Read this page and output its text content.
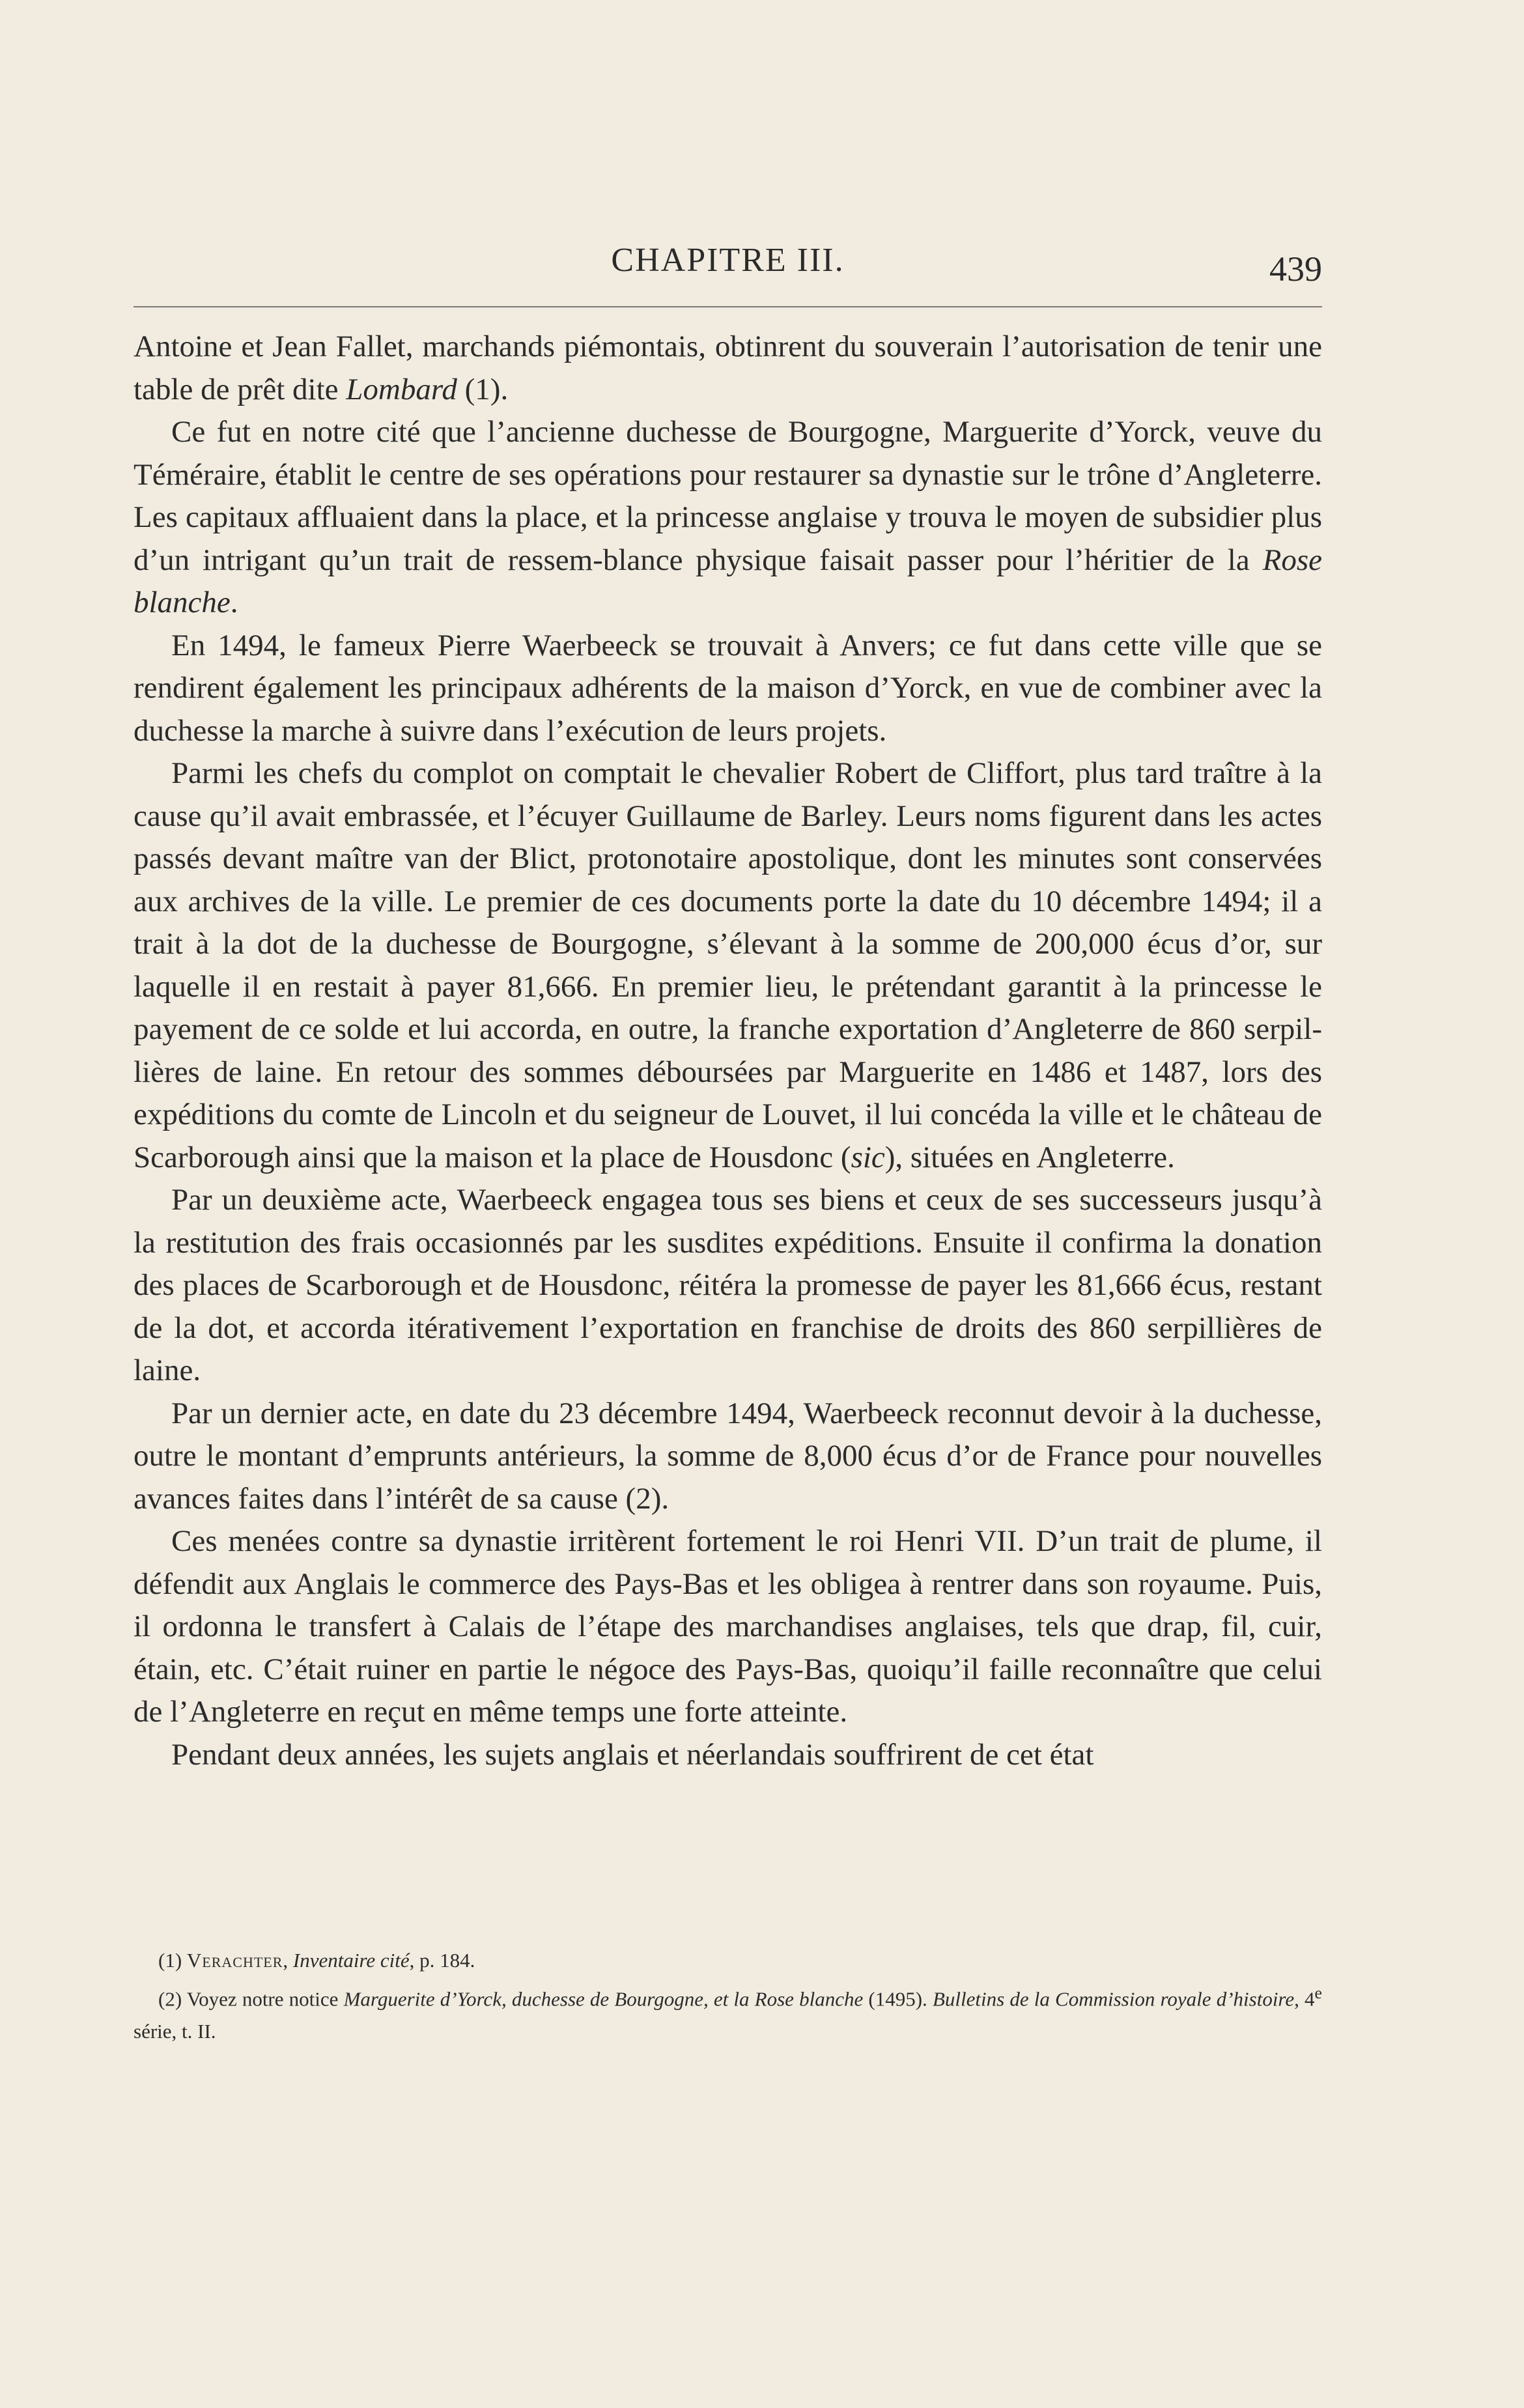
CHAPITRE III.	439

Antoine et Jean Fallet, marchands piémontais, obtinrent du souverain l’autorisation de tenir une table de prêt dite Lombard (1).

Ce fut en notre cité que l’ancienne duchesse de Bourgogne, Marguerite d’Yorck, veuve du Téméraire, établit le centre de ses opérations pour restaurer sa dynastie sur le trône d’Angleterre. Les capitaux affluaient dans la place, et la princesse anglaise y trouva le moyen de subsidier plus d’un intrigant qu’un trait de ressem-blance physique faisait passer pour l’héritier de la Rose blanche.

En 1494, le fameux Pierre Waerbeeck se trouvait à Anvers; ce fut dans cette ville que se rendirent également les principaux adhérents de la maison d’Yorck, en vue de combiner avec la duchesse la marche à suivre dans l’exécution de leurs projets.

Parmi les chefs du complot on comptait le chevalier Robert de Cliffort, plus tard traître à la cause qu’il avait embrassée, et l’écuyer Guillaume de Barley. Leurs noms figurent dans les actes passés devant maître van der Blict, protonotaire apostolique, dont les minutes sont conservées aux archives de la ville. Le premier de ces documents porte la date du 10 décembre 1494; il a trait à la dot de la duchesse de Bourgogne, s’élevant à la somme de 200,000 écus d’or, sur laquelle il en restait à payer 81,666. En premier lieu, le prétendant garantit à la princesse le payement de ce solde et lui accorda, en outre, la franche exportation d’Angleterre de 860 serpil-lières de laine. En retour des sommes déboursées par Marguerite en 1486 et 1487, lors des expéditions du comte de Lincoln et du seigneur de Louvet, il lui concéda la ville et le château de Scarborough ainsi que la maison et la place de Housdonc (sic), situées en Angleterre.

Par un deuxième acte, Waerbeeck engagea tous ses biens et ceux de ses successeurs jusqu’à la restitution des frais occasionnés par les susdites expéditions. Ensuite il confirma la donation des places de Scarborough et de Housdonc, réitéra la promesse de payer les 81,666 écus, restant de la dot, et accorda itérativement l’exportation en franchise de droits des 860 serpillières de laine.

Par un dernier acte, en date du 23 décembre 1494, Waerbeeck reconnut devoir à la duchesse, outre le montant d’emprunts antérieurs, la somme de 8,000 écus d’or de France pour nouvelles avances faites dans l’intérêt de sa cause (2).

Ces menées contre sa dynastie irritèrent fortement le roi Henri VII. D’un trait de plume, il défendit aux Anglais le commerce des Pays-Bas et les obligea à rentrer dans son royaume. Puis, il ordonna le transfert à Calais de l’étape des marchandises anglaises, tels que drap, fil, cuir, étain, etc. C’était ruiner en partie le négoce des Pays-Bas, quoiqu’il faille reconnaître que celui de l’Angleterre en reçut en même temps une forte atteinte.

Pendant deux années, les sujets anglais et néerlandais souffrirent de cet état

(1) Verachter, Inventaire cité, p. 184.

(2) Voyez notre notice Marguerite d’Yorck, duchesse de Bourgogne, et la Rose blanche (1495). Bulletins de la Commission royale d’histoire, 4e série, t. II.
